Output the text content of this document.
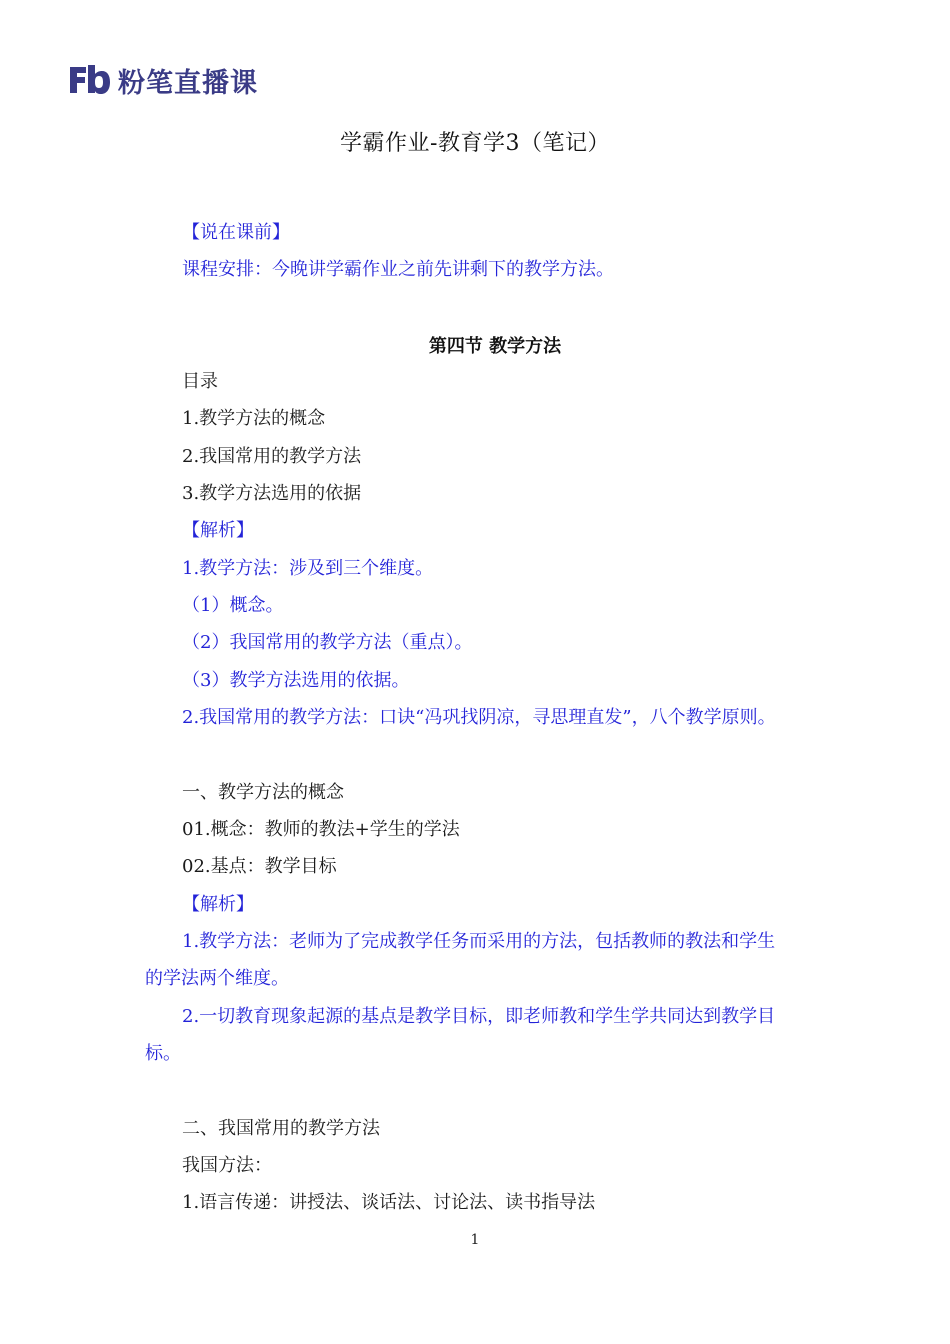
粉笔直播课
学霸作业-教育学3（笔记）
【说在课前】
课程安排：今晚讲学霸作业之前先讲剩下的教学方法。
第四节 教学方法
目录
1.教学方法的概念
2.我国常用的教学方法
3.教学方法选用的依据
【解析】
1.教学方法：涉及到三个维度。
（1）概念。
（2）我国常用的教学方法（重点）。
（3）教学方法选用的依据。
2.我国常用的教学方法：口诀“冯巩找阴凉，寻思理直发”，八个教学原则。
一、教学方法的概念
01.概念：教师的教法+学生的学法
02.基点：教学目标
【解析】
1.教学方法：老师为了完成教学任务而采用的方法，包括教师的教法和学生
的学法两个维度。
2.一切教育现象起源的基点是教学目标，即老师教和学生学共同达到教学目
标。
二、我国常用的教学方法
我国方法：
1.语言传递：讲授法、谈话法、讨论法、读书指导法
1
